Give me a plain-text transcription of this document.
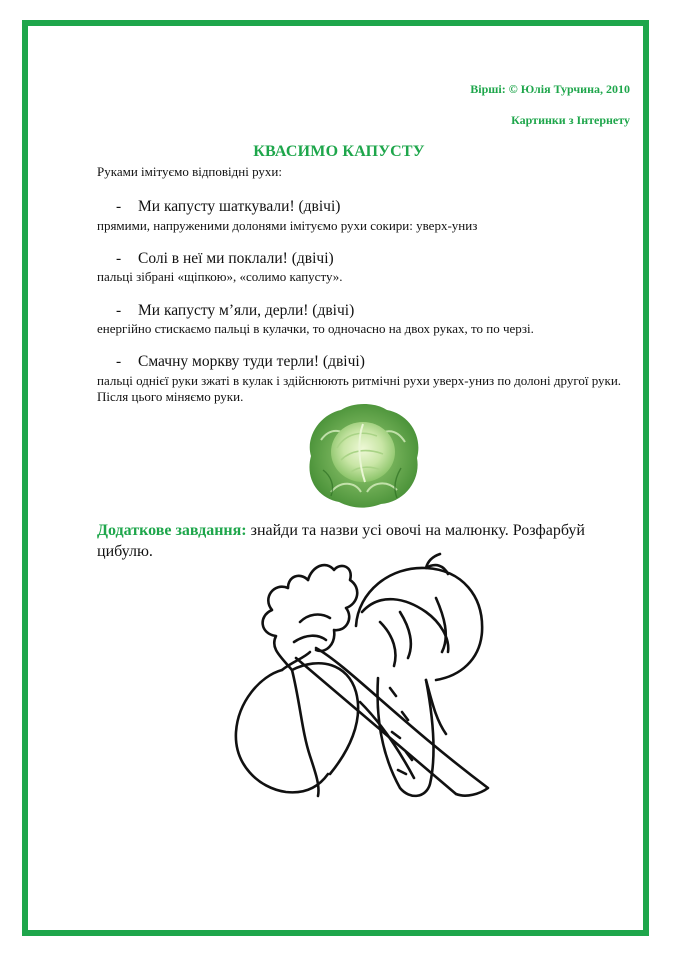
Вірші: © Юлія Турчина, 2010
Картинки з Інтернету
КВАСИМО КАПУСТУ
Руками імітуємо відповідні рухи:
- Ми капусту шаткували! (двічі)
прямими, напруженими долонями імітуємо рухи сокири: уверх-униз
- Солі в неї ми поклали! (двічі)
пальці зібрані «щіпкою», «солимо капусту».
- Ми капусту м’яли, дерли! (двічі)
енергійно стискаємо пальці в кулачки, то одночасно на двох руках, то по черзі.
- Смачну моркву туди терли! (двічі)
пальці однієї руки зжаті в кулак і здійснюють ритмічні рухи уверх-униз по долоні другої руки. Після цього міняємо руки.
Додаткове завдання: знайди та назви усі овочі на малюнку. Розфарбуй цибулю.
